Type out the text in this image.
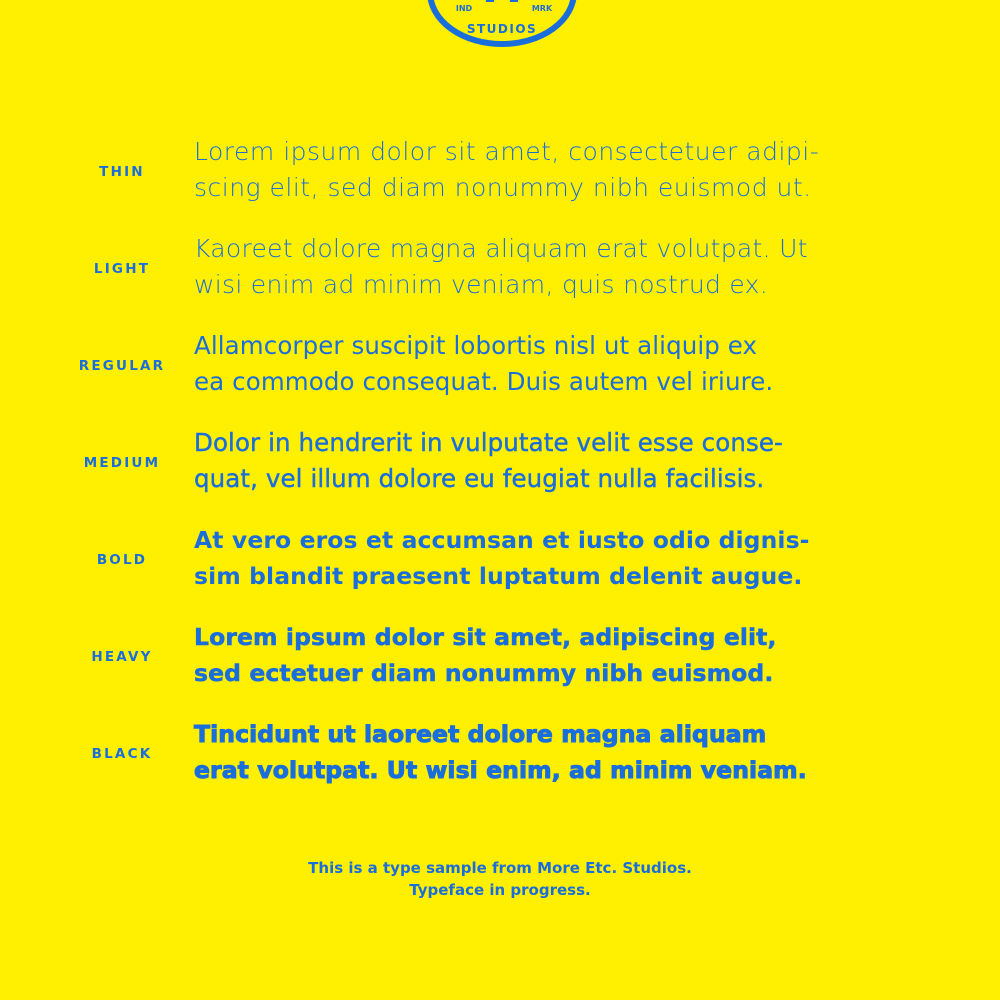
IND	MRK
STUDIOS
THIN

Lorem ipsum dolor sit amet, consectetuer adipi-
scing elit, sed diam nonummy nibh euismod ut.

LIGHT

Kaoreet dolore magna aliquam erat volutpat. Ut
wisi enim ad minim veniam, quis nostrud ex.

REGULAR

Allamcorper suscipit lobortis nisl ut aliquip ex
ea commodo consequat. Duis autem vel iriure.

MEDIUM

Dolor in hendrerit in vulputate velit esse conse-
quat, vel illum dolore eu feugiat nulla facilisis.

BOLD

At vero eros et accumsan et iusto odio dignis-
sim blandit praesent luptatum delenit augue.

HEAVY

Lorem ipsum dolor sit amet, adipiscing elit,
sed ectetuer diam nonummy nibh euismod.

BLACK

Tincidunt ut laoreet dolore magna aliquam
erat volutpat. Ut wisi enim, ad minim veniam.

This is a type sample from More Etc. Studios.
Typeface in progress.
